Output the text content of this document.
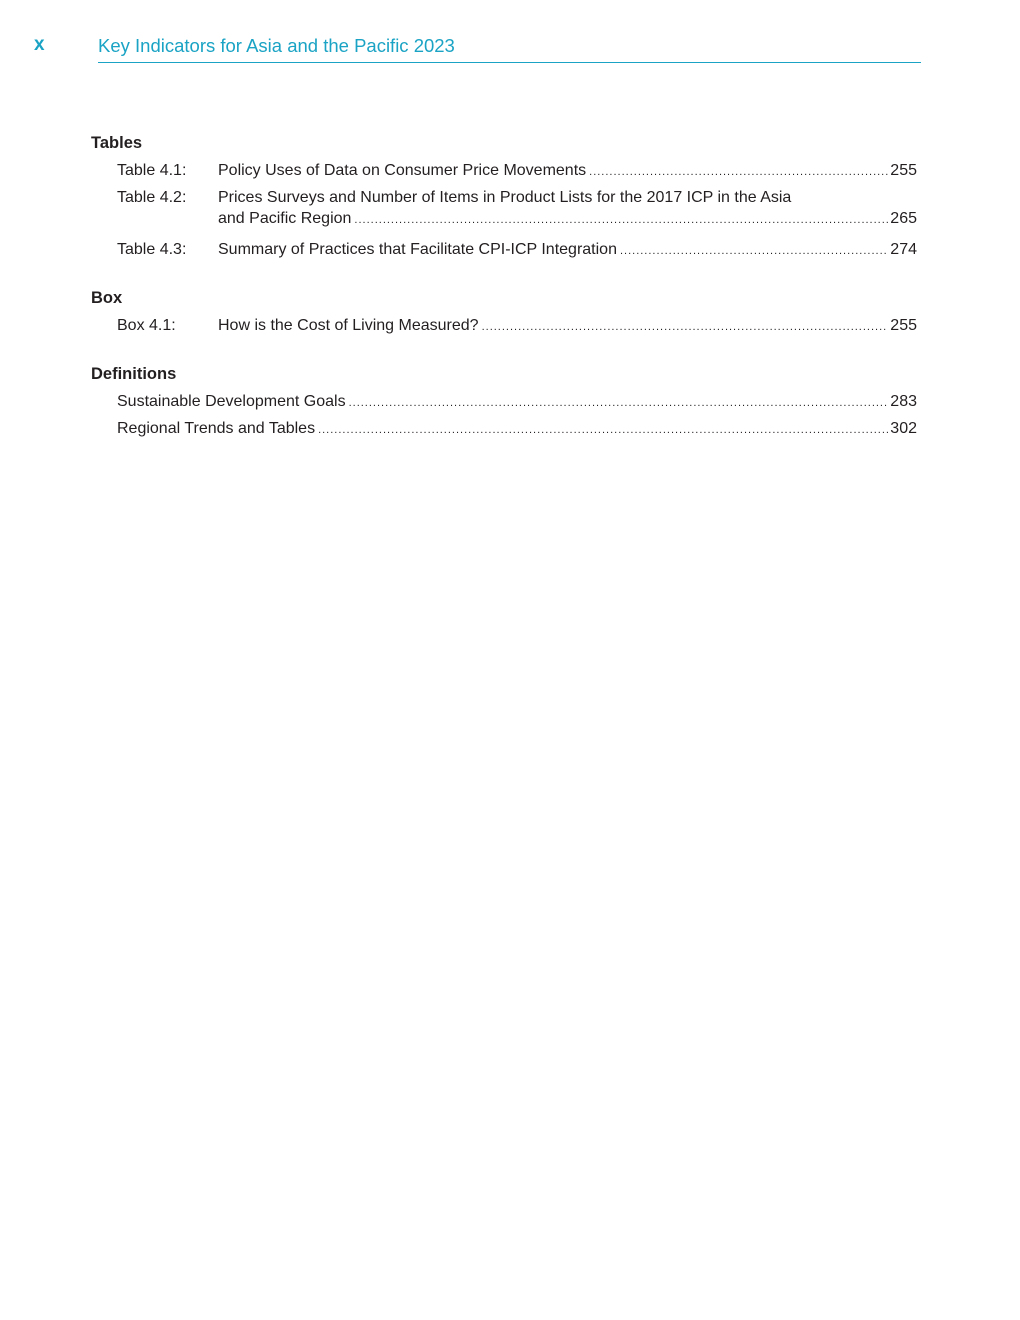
x	Key Indicators for Asia and the Pacific 2023
Tables
Table 4.1: Policy Uses of Data on Consumer Price Movements .....	255
Table 4.2: Prices Surveys and Number of Items in Product Lists for the 2017 ICP in the Asia
and Pacific Region .....	265
Table 4.3: Summary of Practices that Facilitate CPI-ICP Integration .....	274
Box
Box 4.1:	How is the Cost of Living Measured? .....	255
Definitions
Sustainable Development Goals .....	283
Regional Trends and Tables .....	302
